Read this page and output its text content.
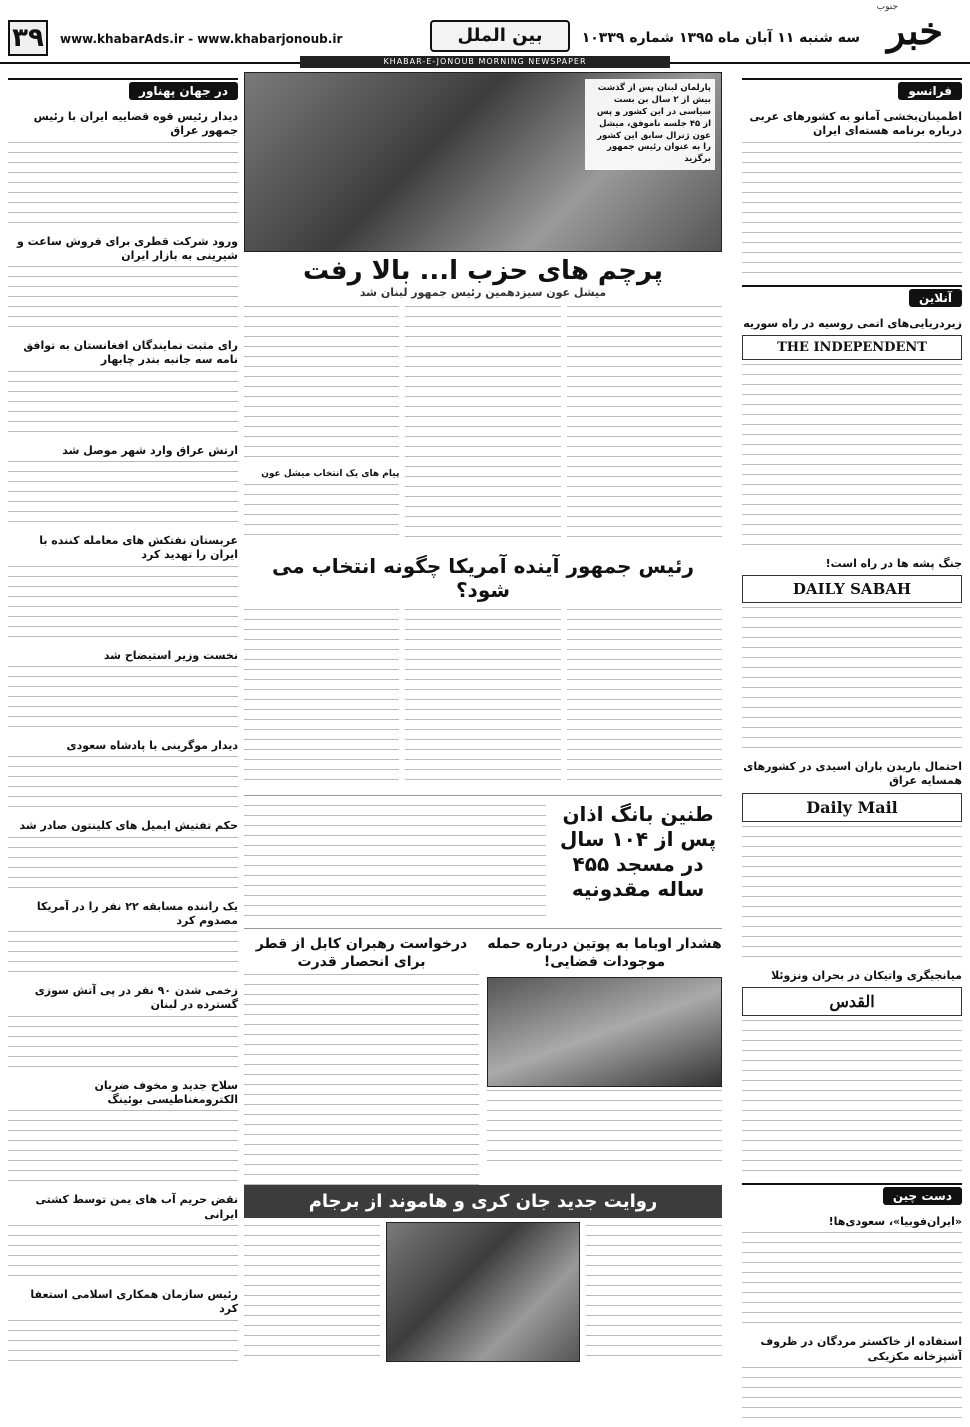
خبر
جنوب
سه شنبه ۱۱ آبان ماه ۱۳۹۵ شماره ۱۰۳۳۹
بین الملل
www.khabarAds.ir - www.khabarjonoub.ir
۳۹
KHABAR-E-JONOUB MORNING NEWSPAPER
فرانسو
اطمینان‌بخشی آمانو به کشورهای عربی درباره برنامه هسته‌ای ایران
آنلاین
زیردریایی‌های اتمی روسیه در راه سوریه
THE INDEPENDENT
جنگ پشه ها در راه است!
DAILY SABAH
احتمال باریدن باران اسیدی در کشورهای همسایه عراق
Daily Mail
میانجیگری واتیکان در بحران ونزوئلا
القدس
دست چین
«ایران‌فوبیا»، سعودی‌ها!
استفاده از خاکستر مردگان در ظروف آشپزخانه مکزیکی
پارلمان لبنان پس از گذشت بیش از ۲ سال بن بست سیاسی در این کشور و پس از ۴۵ جلسه ناموفق، میشل عون ژنرال سابق این کشور را به عنوان رئیس جمهور برگزید
پرچم های حزب ا... بالا رفت
میشل عون سیزدهمین رئیس جمهور لبنان شد
پیام های یک انتخاب میشل عون
رئیس جمهور آینده آمریکا چگونه انتخاب می شود؟
طنین بانگ اذان پس از ۱۰۴ سال در مسجد ۴۵۵ ساله مقدونیه
هشدار اوباما به پوتین درباره حمله موجودات فضایی!
درخواست رهبران کابل از قطر برای انحصار قدرت
روایت جدید جان کری و هاموند از برجام
در جهان پهناور
دیدار رئیس قوه قضاییه ایران با رئیس جمهور عراق
ورود شرکت قطری برای فروش ساعت و شیرینی به بازار ایران
رای مثبت نمایندگان افغانستان به توافق نامه سه جانبه بندر چابهار
ارتش عراق وارد شهر موصل شد
عربستان نفتکش های معامله کننده با ایران را تهدید کرد
نخست وزیر استیضاح شد
دیدار موگرینی با پادشاه سعودی
حکم تفتیش ایمیل های کلینتون صادر شد
یک راننده مسابقه ۲۲ نفر را در آمریکا مصدوم کرد
زخمی شدن ۹۰ نفر در پی آتش سوزی گسترده در لبنان
سلاح جدید و مخوف ضربان الکترومغناطیسی بوئینگ
نقض حریم آب های یمن توسط کشتی ایرانی
رئیس سازمان همکاری اسلامی استعفا کرد
